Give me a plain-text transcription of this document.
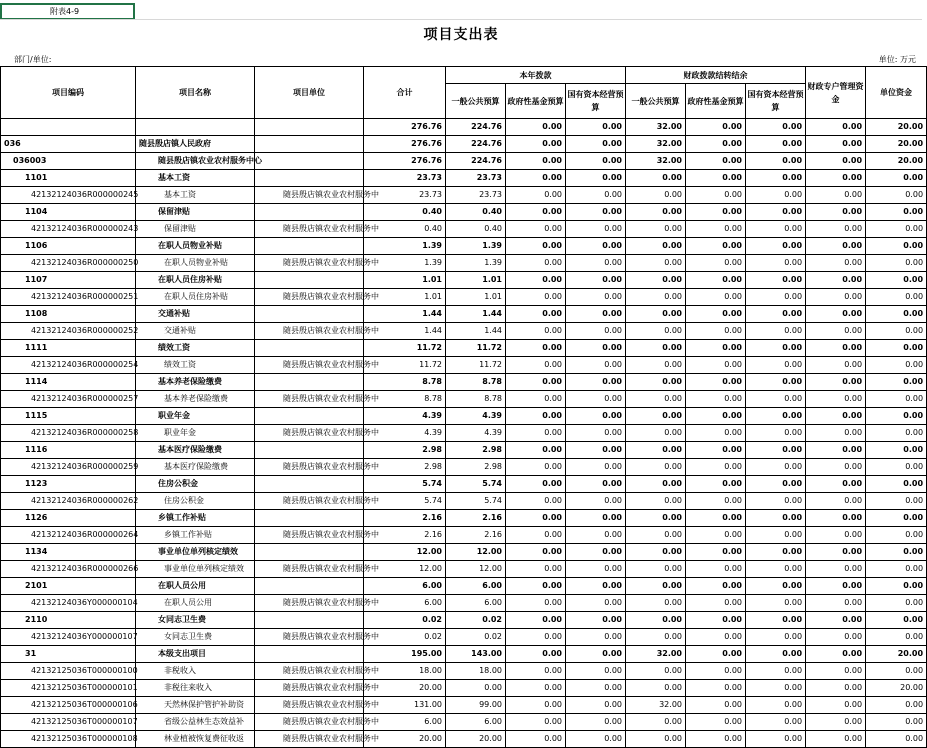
附表4-9
项目支出表
部门/单位:	单位: 万元
项目编码	项目名称	项目单位	合计	本年拨款			财政拨款结转结余			财政专户管理资金	单位资金
				一般公共预算	政府性基金预算	国有资本经营预算	一般公共预算	政府性基金预算	国有资本经营预算		
			276.76	224.76	0.00	0.00	32.00	0.00	0.00	0.00	20.00
036	随县殷店镇人民政府		276.76	224.76	0.00	0.00	32.00	0.00	0.00	0.00	20.00
036003	随县殷店镇农业农村服务中心		276.76	224.76	0.00	0.00	32.00	0.00	0.00	0.00	20.00
1101	基本工资		23.73	23.73	0.00	0.00	0.00	0.00	0.00	0.00	0.00
42132124036R000000245	基本工资	随县殷店镇农业农村服务中	23.73	23.73	0.00	0.00	0.00	0.00	0.00	0.00	0.00
1104	保留津贴		0.40	0.40	0.00	0.00	0.00	0.00	0.00	0.00	0.00
42132124036R000000243	保留津贴	随县殷店镇农业农村服务中	0.40	0.40	0.00	0.00	0.00	0.00	0.00	0.00	0.00
1106	在职人员物业补贴		1.39	1.39	0.00	0.00	0.00	0.00	0.00	0.00	0.00
42132124036R000000250	在职人员物业补贴	随县殷店镇农业农村服务中	1.39	1.39	0.00	0.00	0.00	0.00	0.00	0.00	0.00
1107	在职人员住房补贴		1.01	1.01	0.00	0.00	0.00	0.00	0.00	0.00	0.00
42132124036R000000251	在职人员住房补贴	随县殷店镇农业农村服务中	1.01	1.01	0.00	0.00	0.00	0.00	0.00	0.00	0.00
1108	交通补贴		1.44	1.44	0.00	0.00	0.00	0.00	0.00	0.00	0.00
42132124036R000000252	交通补贴	随县殷店镇农业农村服务中	1.44	1.44	0.00	0.00	0.00	0.00	0.00	0.00	0.00
1111	绩效工资		11.72	11.72	0.00	0.00	0.00	0.00	0.00	0.00	0.00
42132124036R000000254	绩效工资	随县殷店镇农业农村服务中	11.72	11.72	0.00	0.00	0.00	0.00	0.00	0.00	0.00
1114	基本养老保险缴费		8.78	8.78	0.00	0.00	0.00	0.00	0.00	0.00	0.00
42132124036R000000257	基本养老保险缴费	随县殷店镇农业农村服务中	8.78	8.78	0.00	0.00	0.00	0.00	0.00	0.00	0.00
1115	职业年金		4.39	4.39	0.00	0.00	0.00	0.00	0.00	0.00	0.00
42132124036R000000258	职业年金	随县殷店镇农业农村服务中	4.39	4.39	0.00	0.00	0.00	0.00	0.00	0.00	0.00
1116	基本医疗保险缴费		2.98	2.98	0.00	0.00	0.00	0.00	0.00	0.00	0.00
42132124036R000000259	基本医疗保险缴费	随县殷店镇农业农村服务中	2.98	2.98	0.00	0.00	0.00	0.00	0.00	0.00	0.00
1123	住房公积金		5.74	5.74	0.00	0.00	0.00	0.00	0.00	0.00	0.00
42132124036R000000262	住房公积金	随县殷店镇农业农村服务中	5.74	5.74	0.00	0.00	0.00	0.00	0.00	0.00	0.00
1126	乡镇工作补贴		2.16	2.16	0.00	0.00	0.00	0.00	0.00	0.00	0.00
42132124036R000000264	乡镇工作补贴	随县殷店镇农业农村服务中	2.16	2.16	0.00	0.00	0.00	0.00	0.00	0.00	0.00
1134	事业单位单列核定绩效		12.00	12.00	0.00	0.00	0.00	0.00	0.00	0.00	0.00
42132124036R000000266	事业单位单列核定绩效	随县殷店镇农业农村服务中	12.00	12.00	0.00	0.00	0.00	0.00	0.00	0.00	0.00
2101	在职人员公用		6.00	6.00	0.00	0.00	0.00	0.00	0.00	0.00	0.00
42132124036Y000000104	在职人员公用	随县殷店镇农业农村服务中	6.00	6.00	0.00	0.00	0.00	0.00	0.00	0.00	0.00
2110	女同志卫生费		0.02	0.02	0.00	0.00	0.00	0.00	0.00	0.00	0.00
42132124036Y000000107	女同志卫生费	随县殷店镇农业农村服务中	0.02	0.02	0.00	0.00	0.00	0.00	0.00	0.00	0.00
31	本级支出项目		195.00	143.00	0.00	0.00	32.00	0.00	0.00	0.00	20.00
42132125036T000000100	非税收入	随县殷店镇农业农村服务中	18.00	18.00	0.00	0.00	0.00	0.00	0.00	0.00	0.00
42132125036T000000101	非税往来收入	随县殷店镇农业农村服务中	20.00	0.00	0.00	0.00	0.00	0.00	0.00	0.00	20.00
42132125036T000000106	天然林保护管护补助资	随县殷店镇农业农村服务中	131.00	99.00	0.00	0.00	32.00	0.00	0.00	0.00	0.00
42132125036T000000107	省级公益林生态效益补	随县殷店镇农业农村服务中	6.00	6.00	0.00	0.00	0.00	0.00	0.00	0.00	0.00
42132125036T000000108	林业植被恢复费征收返	随县殷店镇农业农村服务中	20.00	20.00	0.00	0.00	0.00	0.00	0.00	0.00	0.00
